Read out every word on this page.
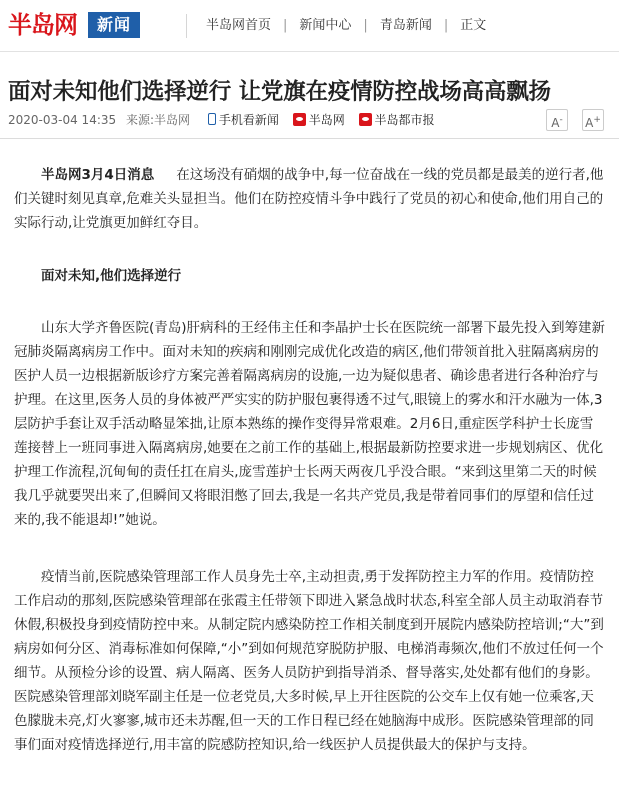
半岛网	新闻	半岛网首页 | 新闻中心 | 青岛新闻 | 正文
面对未知他们选择逆行 让党旗在疫情防控战场高高飘扬
2020-03-04 14:35 来源:半岛网 手机看新闻 半岛网 半岛都市报	A-	A+

半岛网3月4日消息 在这场没有硝烟的战争中,每一位奋战在一线的党员都是最美的逆行者,他们关键时刻见真章,危难关头显担当。他们在防控疫情斗争中践行了党员的初心和使命,他们用自己的实际行动,让党旗更加鲜红夺目。

面对未知,他们选择逆行

山东大学齐鲁医院(青岛)肝病科的王经伟主任和李晶护士长在医院统一部署下最先投入到筹建新冠肺炎隔离病房工作中。面对未知的疾病和刚刚完成优化改造的病区,他们带领首批入驻隔离病房的医护人员一边根据新版诊疗方案完善着隔离病房的设施,一边为疑似患者、确诊患者进行各种治疗与护理。在这里,医务人员的身体被严严实实的防护服包裹得透不过气,眼镜上的雾水和汗水融为一体,3层防护手套让双手活动略显笨拙,让原本熟练的操作变得异常艰难。2月6日,重症医学科护士长庞雪莲接替上一班同事进入隔离病房,她要在之前工作的基础上,根据最新防控要求进一步规划病区、优化护理工作流程,沉甸甸的责任扛在肩头,庞雪莲护士长两天两夜几乎没合眼。“来到这里第二天的时候我几乎就要哭出来了,但瞬间又将眼泪憋了回去,我是一名共产党员,我是带着同事们的厚望和信任过来的,我不能退却!”她说。

疫情当前,医院感染管理部工作人员身先士卒,主动担责,勇于发挥防控主力军的作用。疫情防控工作启动的那刻,医院感染管理部在张霞主任带领下即进入紧急战时状态,科室全部人员主动取消春节休假,积极投身到疫情防控中来。从制定院内感染防控工作相关制度到开展院内感染防控培训;“大”到病房如何分区、消毒标准如何保障,“小”到如何规范穿脱防护服、电梯消毒频次,他们不放过任何一个细节。从预检分诊的设置、病人隔离、医务人员防护到指导消杀、督导落实,处处都有他们的身影。医院感染管理部刘晓军副主任是一位老党员,大多时候,早上开往医院的公交车上仅有她一位乘客,天色朦胧未亮,灯火寥寥,城市还未苏醒,但一天的工作日程已经在她脑海中成形。医院感染管理部的同事们面对疫情选择逆行,用丰富的院感防控知识,给一线医护人员提供最大的保护与支持。
